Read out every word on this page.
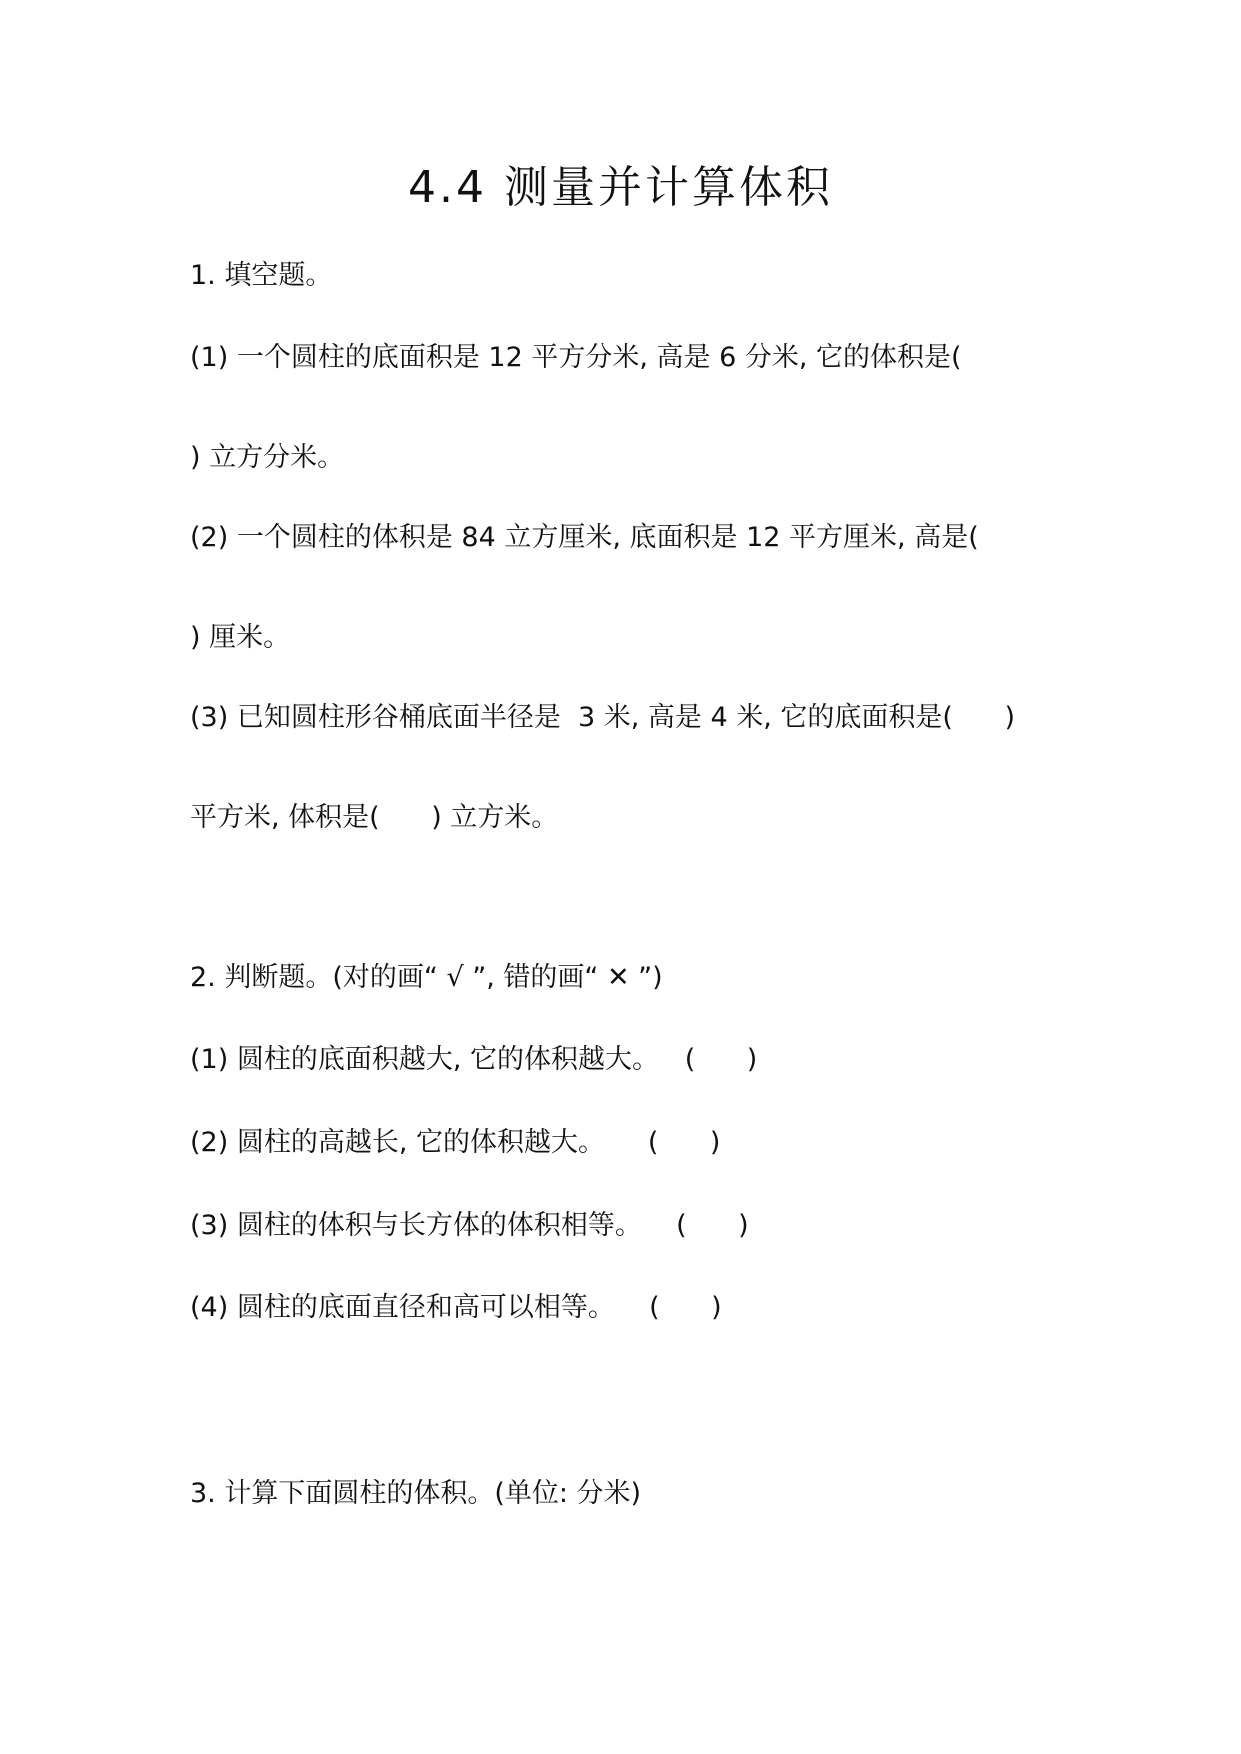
4.4 测量并计算体积
1. 填空题。
(1) 一个圆柱的底面积是 12 平方分米, 高是 6 分米, 它的体积是(
) 立方分米。
(2) 一个圆柱的体积是 84 立方厘米, 底面积是 12 平方厘米, 高是(
) 厘米。
(3) 已知圆柱形谷桶底面半径是  3 米, 高是 4 米, 它的底面积是(      )
平方米, 体积是(      ) 立方米。
2. 判断题。(对的画“ √ ”, 错的画“ ✕ ”)
(1) 圆柱的底面积越大, 它的体积越大。   (      )
(2) 圆柱的高越长, 它的体积越大。     (      )
(3) 圆柱的体积与长方体的体积相等。    (      )
(4) 圆柱的底面直径和高可以相等。    (      )
3. 计算下面圆柱的体积。(单位: 分米)
